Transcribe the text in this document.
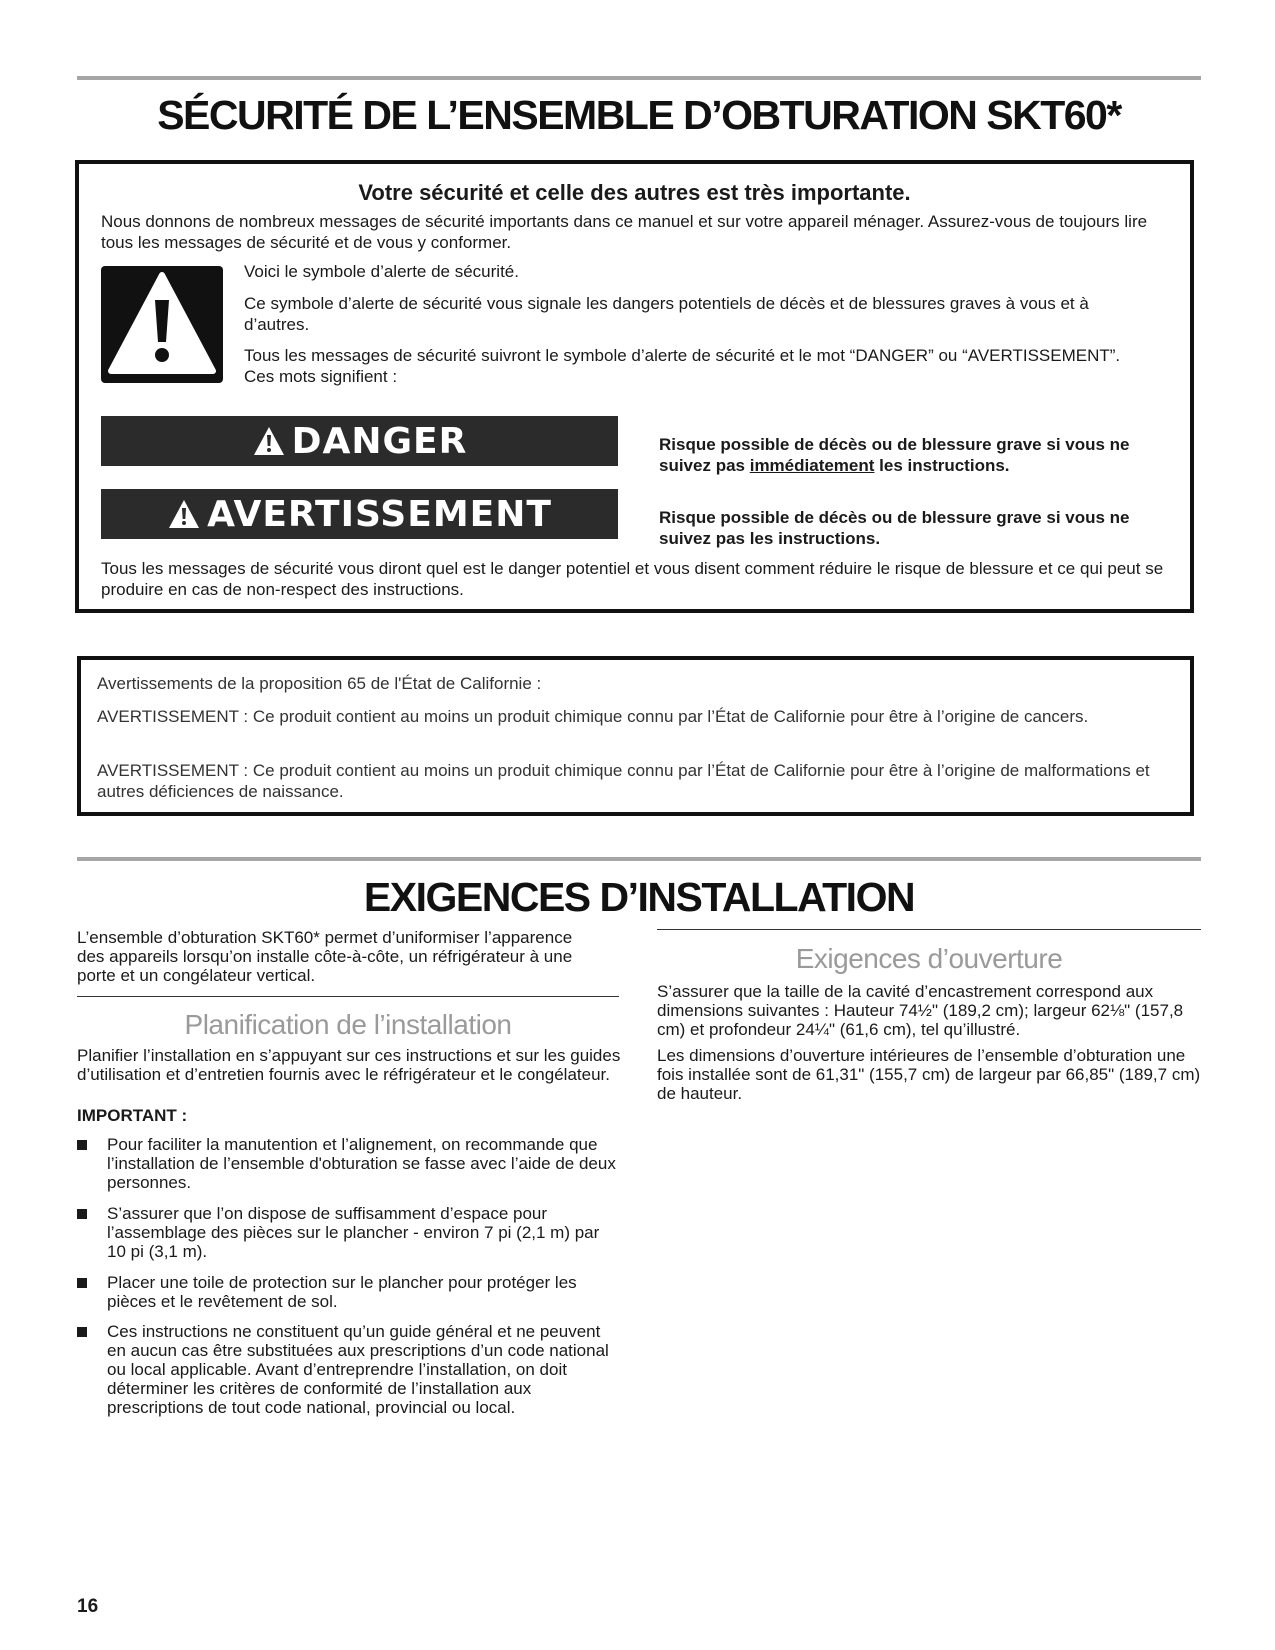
SÉCURITÉ DE L’ENSEMBLE D’OBTURATION SKT60*

Votre sécurité et celle des autres est très importante.

Nous donnons de nombreux messages de sécurité importants dans ce manuel et sur votre appareil ménager. Assurez-vous de toujours lire tous les messages de sécurité et de vous y conformer.

Voici le symbole d’alerte de sécurité.

Ce symbole d’alerte de sécurité vous signale les dangers potentiels de décès et de blessures graves à vous et à d’autres.

Tous les messages de sécurité suivront le symbole d’alerte de sécurité et le mot “DANGER” ou “AVERTISSEMENT”. Ces mots signifient :

DANGER	Risque possible de décès ou de blessure grave si vous ne suivez pas immédiatement les instructions.

AVERTISSEMENT	Risque possible de décès ou de blessure grave si vous ne suivez pas les instructions.

Tous les messages de sécurité vous diront quel est le danger potentiel et vous disent comment réduire le risque de blessure et ce qui peut se produire en cas de non-respect des instructions.

Avertissements de la proposition 65 de l'État de Californie :

AVERTISSEMENT : Ce produit contient au moins un produit chimique connu par l’État de Californie pour être à l’origine de cancers.

AVERTISSEMENT : Ce produit contient au moins un produit chimique connu par l’État de Californie pour être à l’origine de malformations et autres déficiences de naissance.

EXIGENCES D’INSTALLATION

L’ensemble d’obturation SKT60* permet d’uniformiser l’apparence des appareils lorsqu’on installe côte-à-côte, un réfrigérateur à une porte et un congélateur vertical.

Planification de l’installation

Planifier l’installation en s’appuyant sur ces instructions et sur les guides d’utilisation et d’entretien fournis avec le réfrigérateur et le congélateur.

IMPORTANT :

Pour faciliter la manutention et l’alignement, on recommande que l’installation de l’ensemble d'obturation se fasse avec l’aide de deux personnes.

S’assurer que l’on dispose de suffisamment d’espace pour l’assemblage des pièces sur le plancher - environ 7 pi (2,1 m) par 10 pi (3,1 m).

Placer une toile de protection sur le plancher pour protéger les pièces et le revêtement de sol.

Ces instructions ne constituent qu’un guide général et ne peuvent en aucun cas être substituées aux prescriptions d’un code national ou local applicable. Avant d’entreprendre l’installation, on doit déterminer les critères de conformité de l’installation aux prescriptions de tout code national, provincial ou local.

Exigences d’ouverture

S’assurer que la taille de la cavité d’encastrement correspond aux dimensions suivantes : Hauteur 74½" (189,2 cm); largeur 62⅛" (157,8 cm) et profondeur 24¼" (61,6 cm), tel qu’illustré.

Les dimensions d’ouverture intérieures de l’ensemble d’obturation une fois installée sont de 61,31" (155,7 cm) de largeur par 66,85" (189,7 cm) de hauteur.

16
